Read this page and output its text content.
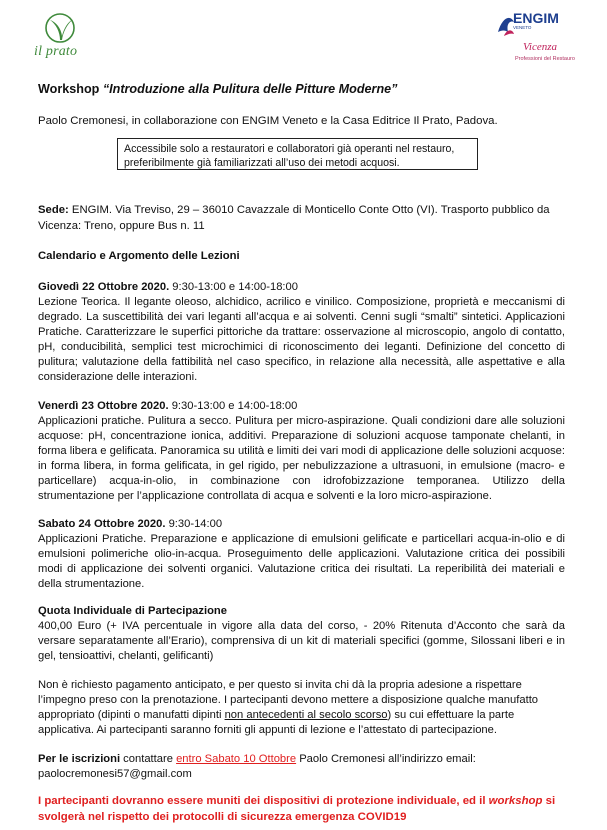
il prato
ENGIM
VENETO
Vicenza
Professioni del Restauro
Workshop “Introduzione alla Pulitura delle Pitture Moderne”
Paolo Cremonesi, in collaborazione con ENGIM Veneto e la Casa Editrice Il Prato, Padova.
Accessibile solo a restauratori e collaboratori già operanti nel restauro, preferibilmente già familiarizzati all’uso dei metodi acquosi.
Sede: ENGIM. Via Treviso, 29 – 36010 Cavazzale di Monticello Conte Otto (VI). Trasporto pubblico da Vicenza: Treno, oppure Bus n. 11
Calendario e Argomento delle Lezioni
Giovedì 22 Ottobre 2020. 9:30-13:00 e 14:00-18:00
Lezione Teorica. Il legante oleoso, alchidico, acrilico e vinilico. Composizione, proprietà e meccanismi di degrado. La suscettibilità dei vari leganti all’acqua e ai solventi. Cenni sugli “smalti” sintetici. Applicazioni Pratiche. Caratterizzare le superfici pittoriche da trattare: osservazione al microscopio, angolo di contatto, pH, conducibilità, semplici test microchimici di riconoscimento dei leganti. Definizione del concetto di pulitura; valutazione della fattibilità nel caso specifico, in relazione alla necessità, alle aspettative e alla considerazione delle interazioni.
Venerdì 23 Ottobre 2020. 9:30-13:00 e 14:00-18:00
Applicazioni pratiche. Pulitura a secco. Pulitura per micro-aspirazione. Quali condizioni dare alle soluzioni acquose: pH, concentrazione ionica, additivi. Preparazione di soluzioni acquose tamponate chelanti, in forma libera e gelificata. Panoramica su utilità e limiti dei vari modi di applicazione delle soluzioni acquose: in forma libera, in forma gelificata, in gel rigido, per nebulizzazione a ultrasuoni, in emulsione (macro- e particellare) acqua-in-olio, in combinazione con idrofobizzazione temporanea. Utilizzo della strumentazione per l’applicazione controllata di acqua e solventi e la loro micro-aspirazione.
Sabato 24 Ottobre 2020. 9:30-14:00
Applicazioni Pratiche. Preparazione e applicazione di emulsioni gelificate e particellari acqua-in-olio e di emulsioni polimeriche olio-in-acqua. Proseguimento delle applicazioni. Valutazione critica dei possibili modi di applicazione dei solventi organici. Valutazione critica dei risultati. La reperibilità dei materiali e della strumentazione.
Quota Individuale di Partecipazione
400,00 Euro (+ IVA percentuale in vigore alla data del corso, - 20% Ritenuta d’Acconto che sarà da versare separatamente all’Erario), comprensiva di un kit di materiali specifici (gomme, Silossani liberi e in gel, tensioattivi, chelanti, gelificanti)
Non è richiesto pagamento anticipato, e per questo si invita chi dà la propria adesione a rispettare l’impegno preso con la prenotazione. I partecipanti devono mettere a disposizione qualche manufatto appropriato (dipinti o manufatti dipinti non antecedenti al secolo scorso) su cui effettuare la parte applicativa. Ai partecipanti saranno forniti gli appunti di lezione e l’attestato di partecipazione.
Per le iscrizioni contattare entro Sabato 10 Ottobre Paolo Cremonesi all’indirizzo email:
paolocremonesi57@gmail.com
I partecipanti dovranno essere muniti dei dispositivi di protezione individuale, ed il workshop si svolgerà nel rispetto dei protocolli di sicurezza emergenza COVID19
